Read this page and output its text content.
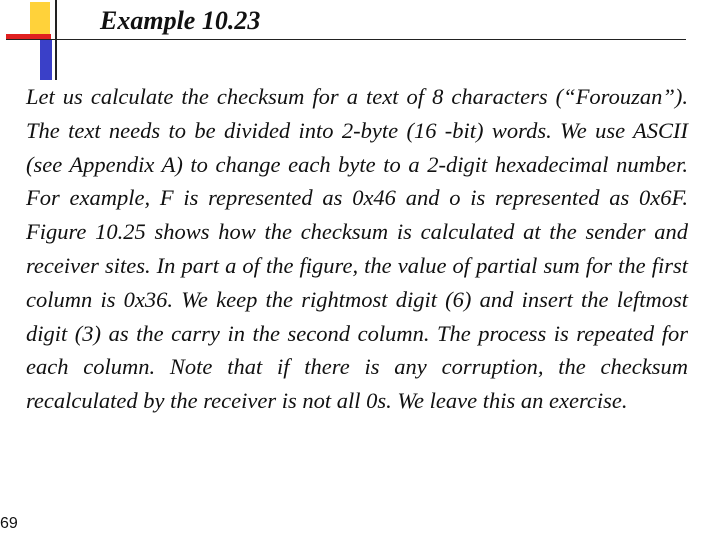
Example 10.23

Let us calculate the checksum for a text of 8 characters (“Forouzan”). The text needs to be divided into 2-byte (16 -bit) words. We use ASCII (see Appendix A) to change each byte to a 2-digit hexadecimal number. For example, F is represented as 0x46 and o is represented as 0x6F. Figure 10.25 shows how the checksum is calculated at the sender and receiver sites. In part a of the figure, the value of partial sum for the first column is 0x36. We keep the rightmost digit (6) and insert the leftmost digit (3) as the carry in the second column. The process is repeated for each column. Note that if there is any corruption, the checksum recalculated by the receiver is not all 0s. We leave this an exercise.

69
